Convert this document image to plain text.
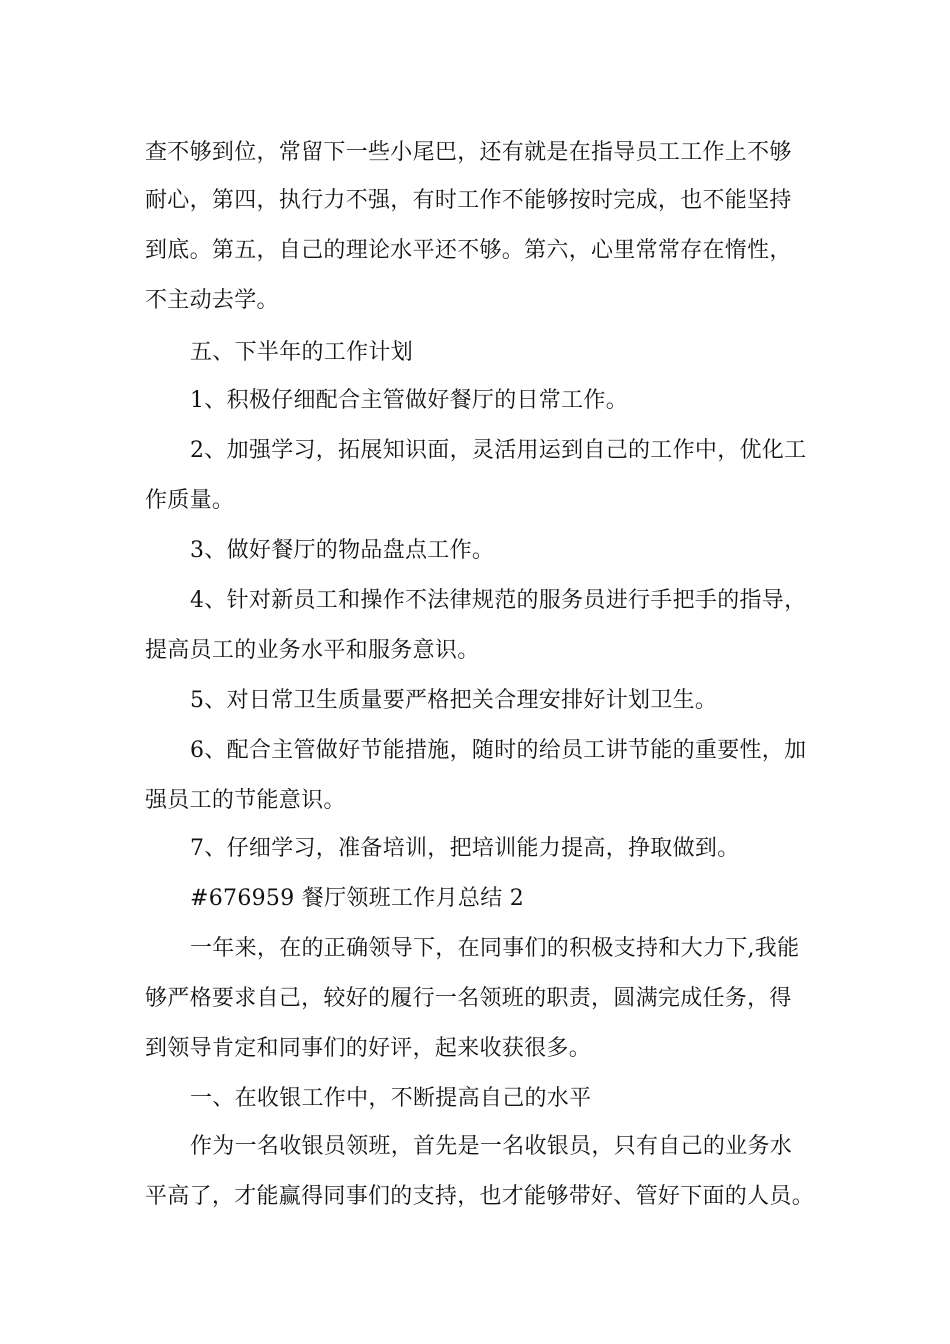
查不够到位，常留下一些小尾巴，还有就是在指导员工工作上不够
耐心，第四，执行力不强，有时工作不能够按时完成，也不能坚持
到底。第五，自己的理论水平还不够。第六，心里常常存在惰性，
不主动去学。
五、下半年的工作计划
1、积极仔细配合主管做好餐厅的日常工作。
2、加强学习，拓展知识面，灵活用运到自己的工作中，优化工
作质量。
3、做好餐厅的物品盘点工作。
4、针对新员工和操作不法律规范的服务员进行手把手的指导，
提高员工的业务水平和服务意识。
5、对日常卫生质量要严格把关合理安排好计划卫生。
6、配合主管做好节能措施，随时的给员工讲节能的重要性，加
强员工的节能意识。
7、仔细学习，准备培训，把培训能力提高，挣取做到。
#676959 餐厅领班工作月总结 2
一年来，在的正确领导下，在同事们的积极支持和大力下,我能
够严格要求自己，较好的履行一名领班的职责，圆满完成任务，得
到领导肯定和同事们的好评，起来收获很多。
一、在收银工作中，不断提高自己的水平
作为一名收银员领班，首先是一名收银员，只有自己的业务水
平高了，才能赢得同事们的支持，也才能够带好、管好下面的人员。
